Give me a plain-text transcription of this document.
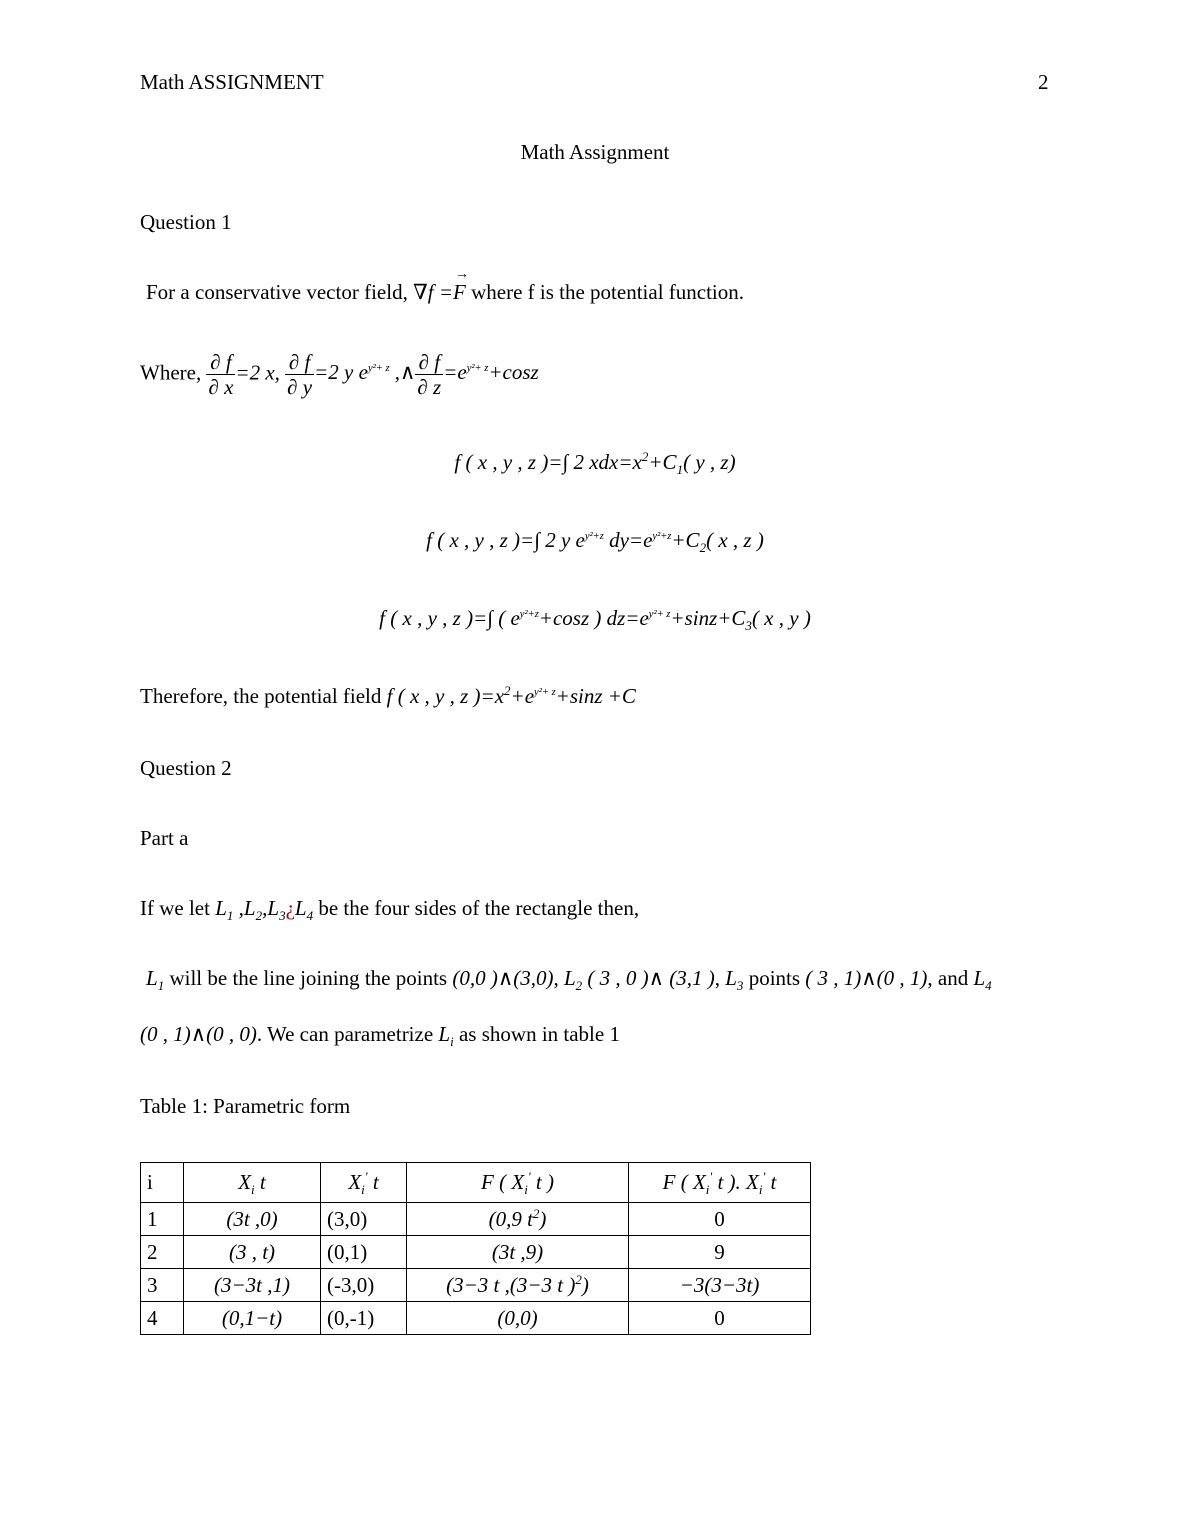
Math ASSIGNMENT	2
Math Assignment
Question 1
For a conservative vector field, ∇f =→ F where f is the potential function.
Where, $\frac{\partial f}{\partial x} =2$ x, $\frac{\partial f}{\partial y} =2$ y $e^{y^2+ z}$ ,∧ $\frac{\partial f}{\partial z} =e^{y^2+ z}+\cos z$
f ( x , y , z )=∫ 2 $xdx=x^2+C_1$( y , z)
f ( x , y , z )=∫ 2 y $e^{y^2+z}$ $dy=e^{y^2+z}+C_2$( x , z )
f ( x , y , z )=∫ ( $e^{y^2+z}+\cos z$ ) $dz=e^{y^2+ z}+\sin z+C_3$( x , y )
Therefore, the potential field f ( x , y , z )$=x^2+e^{y^2+ z}+\sin z +C$
Question 2
Part a
If we let $L_1$ $,L_2,L_3¿L_4$ be the four sides of the rectangle then,
$L_1$ will be the line joining the points (0,0 )∧(3,0), $L_2$ ( 3 , 0 )∧ (3,1 ), $L_3$ points ( 3 , 1)∧(0 , 1), and $L_4$
(0 , 1)∧(0 , 0). We can parametrize $L_i$ as shown in table 1
Table 1: Parametric form
i	$X_i$ t	$X_i'$ t	F ( $X_i'$ t )	F ( $X_i'$ t ). $X_i'$ t
1	(3t ,0)	(3,0)	(0,9 $t^2$)	0
2	(3 , t)	(0,1)	(3t ,9)	9
3	(3−3t ,1)	(-3,0)	(3−3 t ,(3−3 t )$^2$)	−3(3−3t)
4	(0,1−t)	(0,-1)	(0,0)	0
